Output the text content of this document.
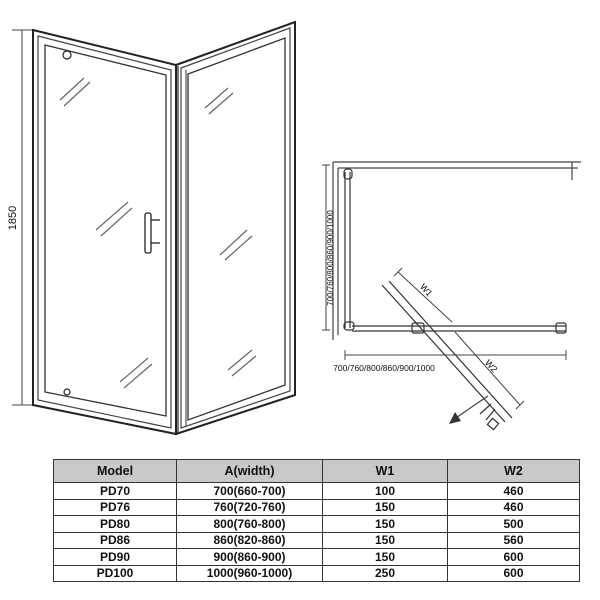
1850
W1
W2
700/760/800/860/900/1000
700/760/800/860/900/1000
Model	A(width)	W1	W2
PD70	700(660-700)	100	460
PD76	760(720-760)	150	460
PD80	800(760-800)	150	500
PD86	860(820-860)	150	560
PD90	900(860-900)	150	600
PD100	1000(960-1000)	250	600
